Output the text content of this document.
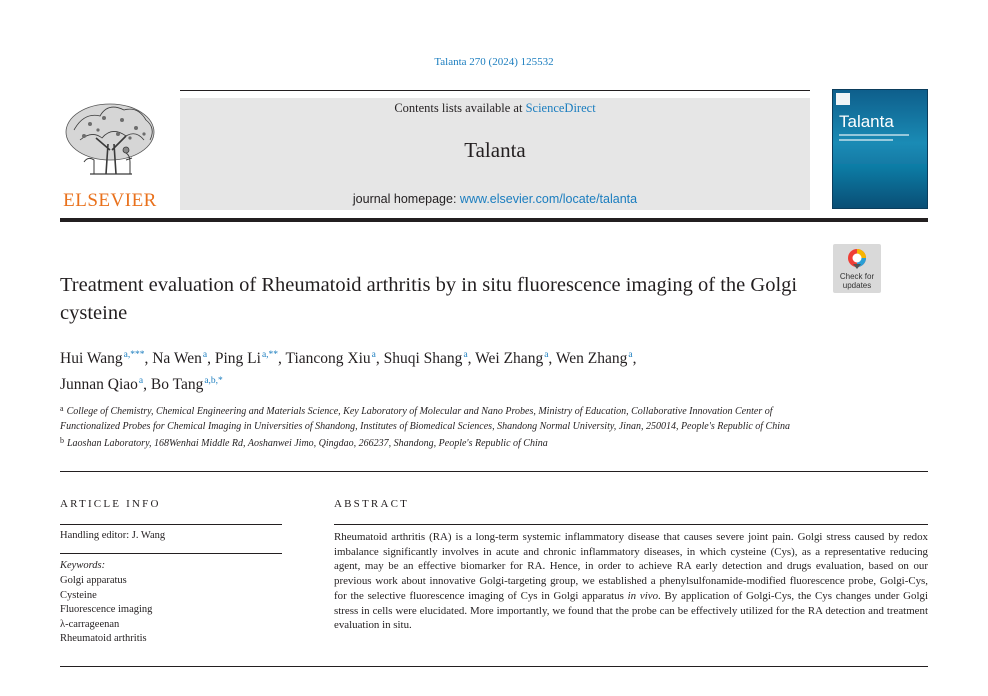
Talanta 270 (2024) 125532
ELSEVIER
Contents lists available at ScienceDirect
Talanta
journal homepage: www.elsevier.com/locate/talanta
Talanta
Check for updates
Treatment evaluation of Rheumatoid arthritis by in situ fluorescence imaging of the Golgi cysteine
Hui Wang$^{a,***}$, Na Wen$^a$, Ping $Li^{a,**}$, Tiancong Xiu$^a$, Shuqi Shang$^a$, Wei Zhang$^a$, Wen Zhang$^a$,
Junnan Qiao$^a$, Bo Tang$^{a,b,*}$
$^a$ College of Chemistry, Chemical Engineering and Materials Science, Key Laboratory of Molecular and Nano Probes, Ministry of Education, Collaborative Innovation Center of Functionalized Probes for Chemical Imaging in Universities of Shandong, Institutes of Biomedical Sciences, Shandong Normal University, Jinan, 250014, People's Republic of China
$^b$ Laoshan Laboratory, 168Wenhai Middle Rd, Aoshanwei Jimo, Qingdao, 266237, Shandong, People's Republic of China
ARTICLE INFO
Handling editor: J. Wang
Keywords:
Golgi apparatus
Cysteine
Fluorescence imaging
λ-carrageenan
Rheumatoid arthritis
ABSTRACT
Rheumatoid arthritis (RA) is a long-term systemic inflammatory disease that causes severe joint pain. Golgi stress caused by redox imbalance significantly involves in acute and chronic inflammatory diseases, in which cysteine (Cys), as a representative reducing agent, may be an effective biomarker for RA. Hence, in order to achieve RA early detection and drugs evaluation, based on our previous work about innovative Golgi-targeting group, we established a phenylsulfonamide-modified fluorescence probe, Golgi-Cys, for the selective fluorescence imaging of Cys in Golgi apparatus in vivo. By application of Golgi-Cys, the Cys changes under Golgi stress in cells were elucidated. More importantly, we found that the probe can be effectively utilized for the RA detection and treatment evaluation in situ.
